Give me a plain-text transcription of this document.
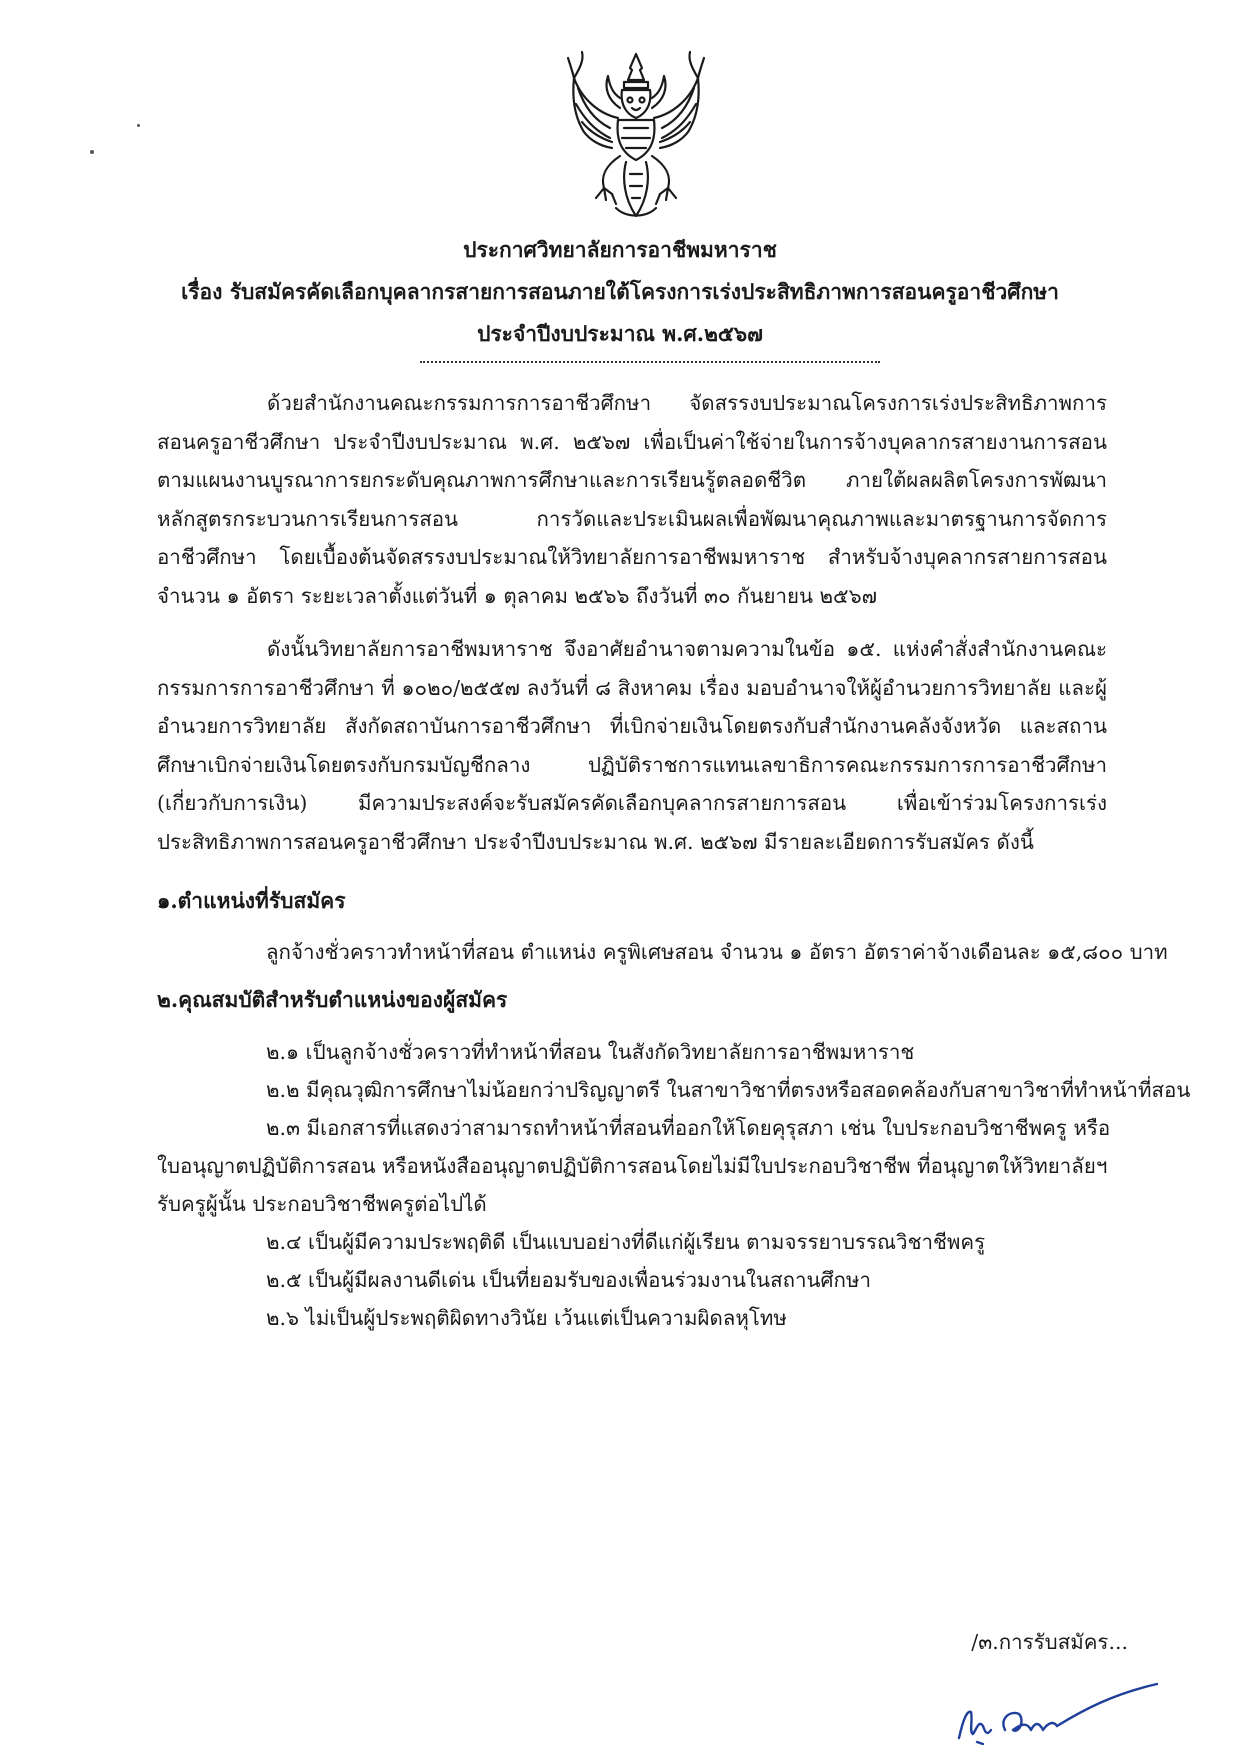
ประกาศวิทยาลัยการอาชีพมหาราช
เรื่อง รับสมัครคัดเลือกบุคลากรสายการสอนภายใต้โครงการเร่งประสิทธิภาพการสอนครูอาชีวศึกษา
ประจำปีงบประมาณ พ.ศ.๒๕๖๗

ด้วยสำนักงานคณะกรรมการการอาชีวศึกษา จัดสรรงบประมาณโครงการเร่งประสิทธิภาพการสอนครูอาชีวศึกษา ประจำปีงบประมาณ พ.ศ. ๒๕๖๗ เพื่อเป็นค่าใช้จ่ายในการจ้างบุคลากรสายงานการสอนตามแผนงานบูรณาการยกระดับคุณภาพการศึกษาและการเรียนรู้ตลอดชีวิต ภายใต้ผลผลิตโครงการพัฒนาหลักสูตรกระบวนการเรียนการสอน การวัดและประเมินผลเพื่อพัฒนาคุณภาพและมาตรฐานการจัดการอาชีวศึกษา โดยเบื้องต้นจัดสรรงบประมาณให้วิทยาลัยการอาชีพมหาราช สำหรับจ้างบุคลากรสายการสอน จำนวน ๑ อัตรา ระยะเวลาตั้งแต่วันที่ ๑ ตุลาคม ๒๕๖๖ ถึงวันที่ ๓๐ กันยายน ๒๕๖๗

ดังนั้นวิทยาลัยการอาชีพมหาราช จึงอาศัยอำนาจตามความในข้อ ๑๕. แห่งคำสั่งสำนักงานคณะกรรมการการอาชีวศึกษา ที่ ๑๐๒๐/๒๕๕๗ ลงวันที่ ๘ สิงหาคม เรื่อง มอบอำนาจให้ผู้อำนวยการวิทยาลัย และผู้อำนวยการวิทยาลัย สังกัดสถาบันการอาชีวศึกษา ที่เบิกจ่ายเงินโดยตรงกับสำนักงานคลังจังหวัด และสถานศึกษาเบิกจ่ายเงินโดยตรงกับกรมบัญชีกลาง ปฏิบัติราชการแทนเลขาธิการคณะกรรมการการอาชีวศึกษา (เกี่ยวกับการเงิน) มีความประสงค์จะรับสมัครคัดเลือกบุคลากรสายการสอน เพื่อเข้าร่วมโครงการเร่งประสิทธิภาพการสอนครูอาชีวศึกษา ประจำปีงบประมาณ พ.ศ. ๒๕๖๗ มีรายละเอียดการรับสมัคร ดังนี้

๑.ตำแหน่งที่รับสมัคร

ลูกจ้างชั่วคราวทำหน้าที่สอน ตำแหน่ง ครูพิเศษสอน จำนวน ๑ อัตรา อัตราค่าจ้างเดือนละ ๑๕,๘๐๐ บาท

๒.คุณสมบัติสำหรับตำแหน่งของผู้สมัคร

๒.๑ เป็นลูกจ้างชั่วคราวที่ทำหน้าที่สอน ในสังกัดวิทยาลัยการอาชีพมหาราช

๒.๒ มีคุณวุฒิการศึกษาไม่น้อยกว่าปริญญาตรี ในสาขาวิชาที่ตรงหรือสอดคล้องกับสาขาวิชาที่ทำหน้าที่สอน

๒.๓ มีเอกสารที่แสดงว่าสามารถทำหน้าที่สอนที่ออกให้โดยคุรุสภา เช่น ใบประกอบวิชาชีพครู หรือ

ใบอนุญาตปฏิบัติการสอน หรือหนังสืออนุญาตปฏิบัติการสอนโดยไม่มีใบประกอบวิชาชีพ ที่อนุญาตให้วิทยาลัยฯ

รับครูผู้นั้น ประกอบวิชาชีพครูต่อไปได้

๒.๔ เป็นผู้มีความประพฤติดี เป็นแบบอย่างที่ดีแก่ผู้เรียน ตามจรรยาบรรณวิชาชีพครู

๒.๕ เป็นผู้มีผลงานดีเด่น เป็นที่ยอมรับของเพื่อนร่วมงานในสถานศึกษา

๒.๖ ไม่เป็นผู้ประพฤติผิดทางวินัย เว้นแต่เป็นความผิดลหุโทษ

/๓.การรับสมัคร...
